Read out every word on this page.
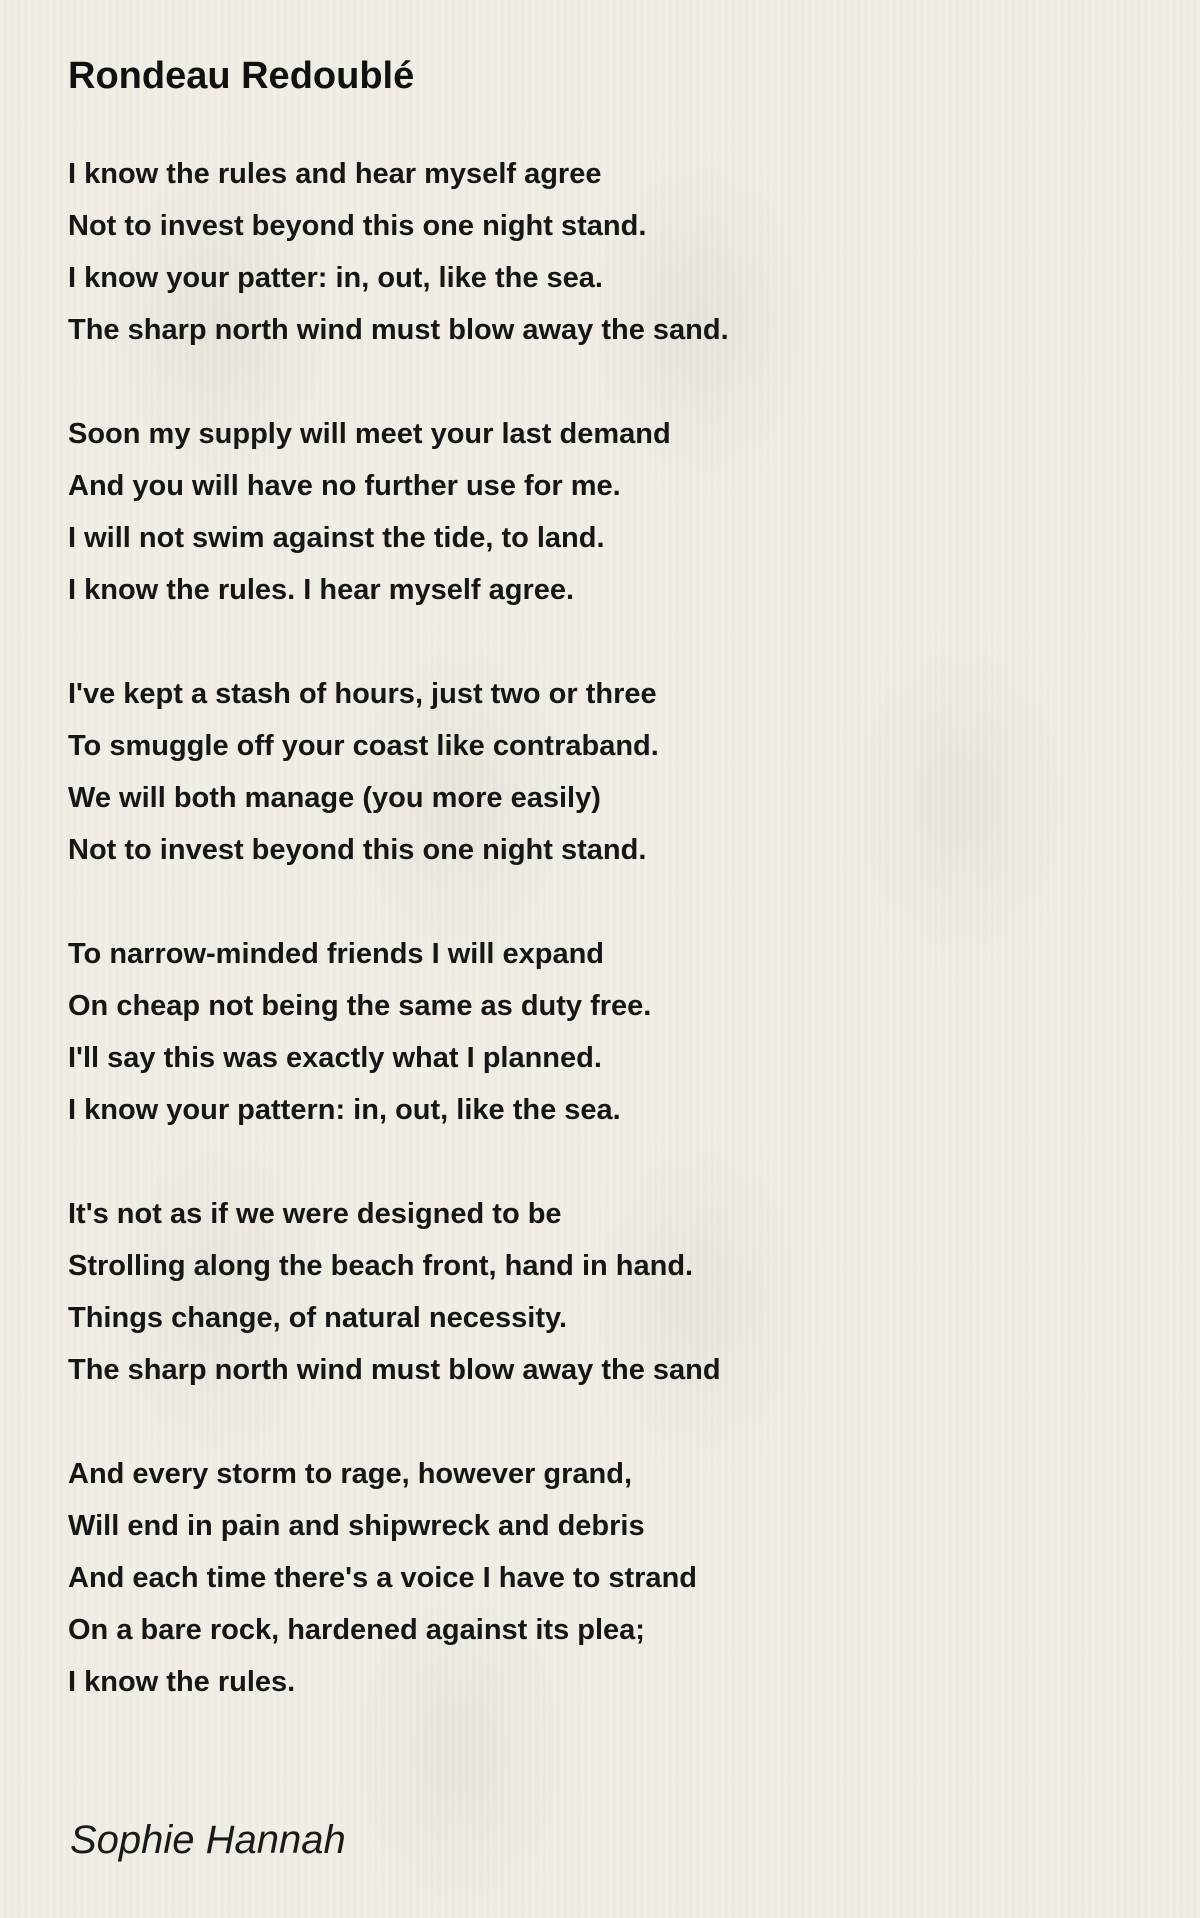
Rondeau Redoublé
I know the rules and hear myself agree
Not to invest beyond this one night stand.
I know your patter: in, out, like the sea.
The sharp north wind must blow away the sand.
Soon my supply will meet your last demand
And you will have no further use for me.
I will not swim against the tide, to land.
I know the rules. I hear myself agree.
I've kept a stash of hours, just two or three
To smuggle off your coast like contraband.
We will both manage (you more easily)
Not to invest beyond this one night stand.
To narrow-minded friends I will expand
On cheap not being the same as duty free.
I'll say this was exactly what I planned.
I know your pattern: in, out, like the sea.
It's not as if we were designed to be
Strolling along the beach front, hand in hand.
Things change, of natural necessity.
The sharp north wind must blow away the sand
And every storm to rage, however grand,
Will end in pain and shipwreck and debris
And each time there's a voice I have to strand
On a bare rock, hardened against its plea;
I know the rules.
Sophie Hannah
